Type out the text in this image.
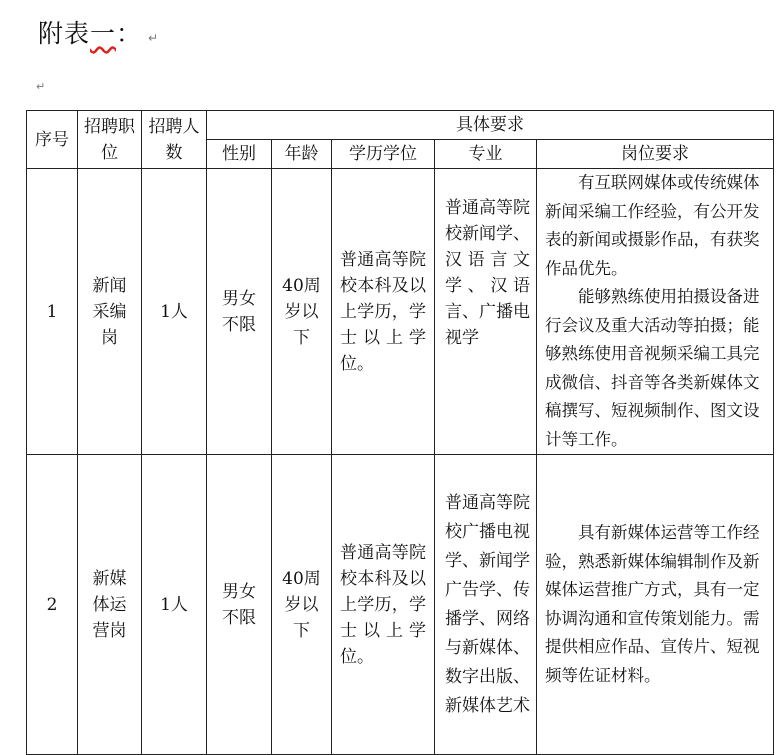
附表一： ↵
↵
序号	招聘职位	招聘人数	具体要求				
			性别	年龄	学历学位	专业	岗位要求
1	新闻采编岗	1人	男女不限	40周岁以下	普通高等院校本科及以上学历，学士以上学位。	普通高等院校新闻学、汉语言文学、汉语言、广播电视学	有互联网媒体或传统媒体新闻采编工作经验，有公开发表的新闻或摄影作品，有获奖作品优先。
能够熟练使用拍摄设备进行会议及重大活动等拍摄；能够熟练使用音视频采编工具完成微信、抖音等各类新媒体文稿撰写、短视频制作、图文设计等工作。

2	新媒体运营岗	1人	男女不限	40周岁以下	普通高等院校本科及以上学历，学士以上学位。	普通高等院校广播电视学、新闻学广告学、传播学、网络与新媒体、数字出版、新媒体艺术	具有新媒体运营等工作经验，熟悉新媒体编辑制作及新媒体运营推广方式，具有一定协调沟通和宣传策划能力。需提供相应作品、宣传片、短视频等佐证材料。
